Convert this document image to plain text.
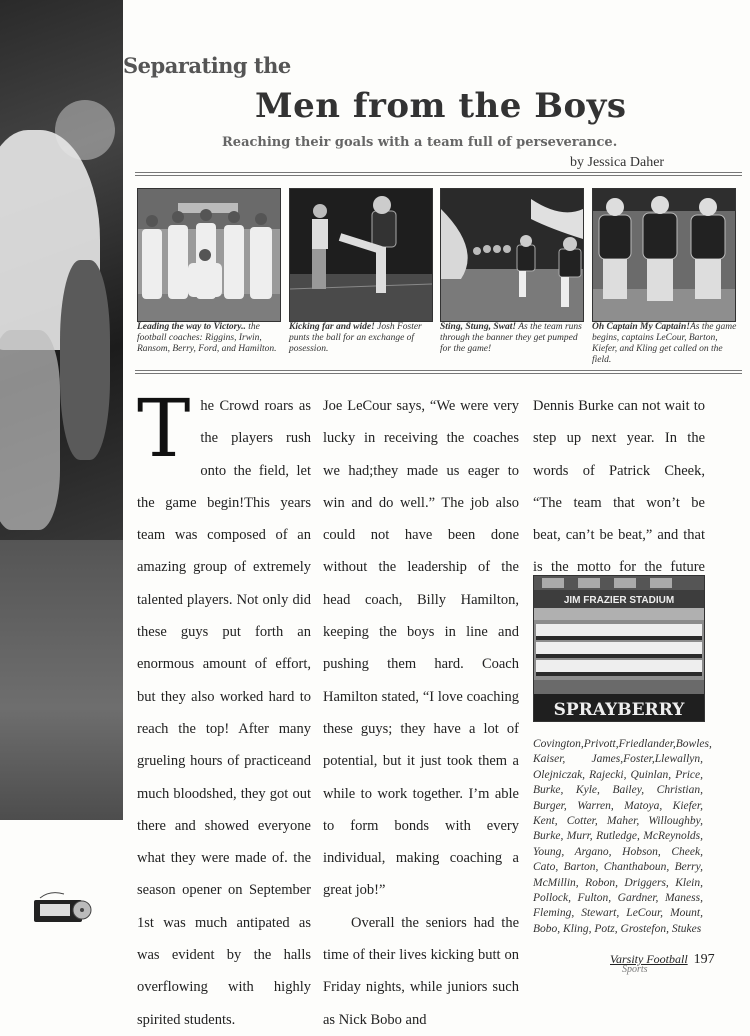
Separating the
Men from the Boys
Reaching their goals with a team full of perseverance.
by Jessica Daher
Leading the way to Victory.. the football coaches: Riggins, Irwin, Ransom, Berry, Ford, and Hamilton.
Kicking far and wide! Josh Foster punts the ball for an exchange of posession.
Sting, Stung, Swat! As the team runs through the banner they get pumped for the game!
Oh Captain My Captain!As the game begins, captains LeCour, Barton, Kiefer, and Kling get called on the field.
T he Crowd roars as the players rush onto the field, let the game begin!This years team was composed of an amazing group of extremely talented players. Not only did these guys put forth an enormous amount of effort, but they also worked hard to reach the top! After many grueling hours of practiceand much bloodshed, they got out there and showed everyone what they were made of. the season opener on September 1st was much antipated as was evident by the halls overflowing with highly spirited students.

Joe LeCour says, “We were very lucky in receiving the coaches we had;they made us eager to win and do well.” The job also could not have been done without the leadership of the head coach, Billy Hamilton, keeping the boys in line and pushing them hard. Coach Hamilton stated, “I love coaching these guys; they have a lot of potential, but it just took them a while to work together. I’m able to form bonds with every individual, making coaching a great job!”

Overall the seniors had the time of their lives kicking butt on Friday nights, while juniors such as Nick Bobo and

Dennis Burke can not wait to step up next year. In the words of Patrick Cheek, “The team that won’t be beat, can’t be beat,” and that is the motto for the future

JIM FRAZIER STADIUM
SPRAYBERRY
Covington,Privott,Friedlander,Bowles, Kaiser, James,Foster,Llewallyn, Olejniczak, Rajecki, Quinlan, Price, Burke, Kyle, Bailey, Christian, Burger, Warren, Matoya, Kiefer, Kent, Cotter, Maher, Willoughby, Burke, Murr, Rutledge, McReynolds, Young, Argano, Hobson, Cheek, Cato, Barton, Chanthaboun, Berry, McMillin, Robon, Driggers, Klein, Pollock, Fulton, Gardner, Maness, Fleming, Stewart, LeCour, Mount, Bobo, Kling, Potz, Grostefon, Stukes
Varsity Football 197
Sports
